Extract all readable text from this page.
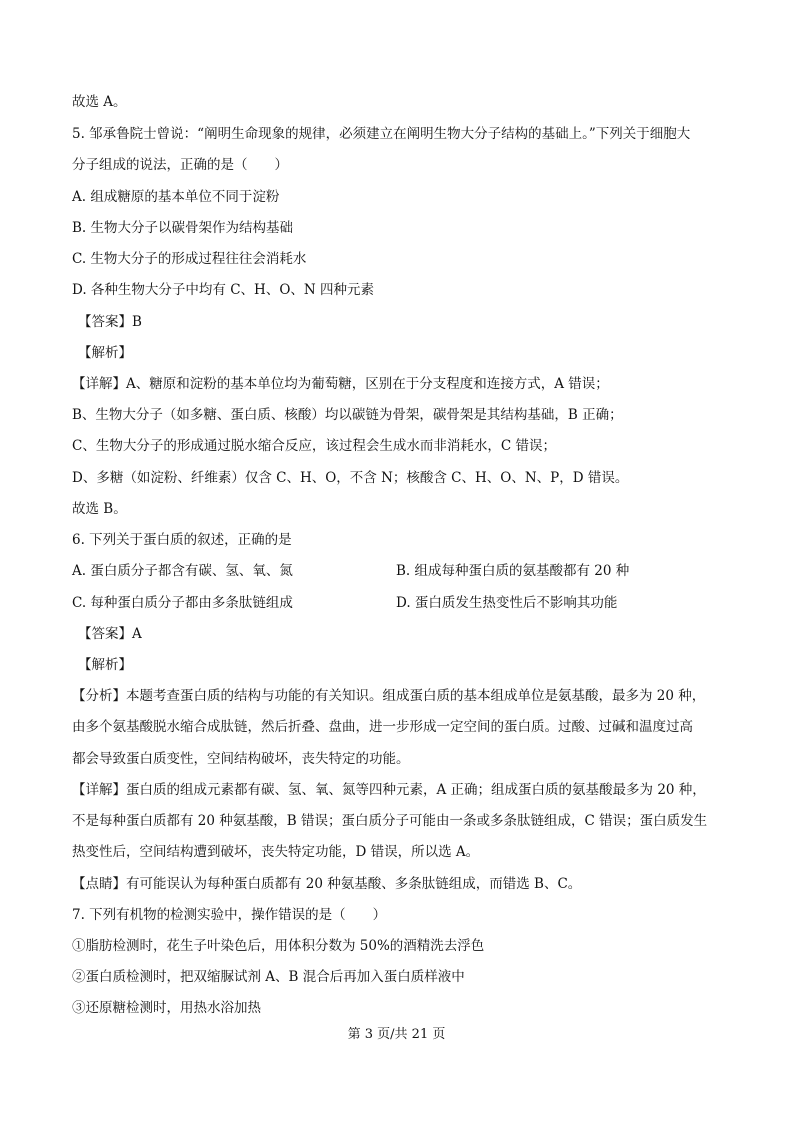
故选 A。
5. 邹承鲁院士曾说：“阐明生命现象的规律，必须建立在阐明生物大分子结构的基础上。”下列关于细胞大
分子组成的说法，正确的是（　　）
A. 组成糖原的基本单位不同于淀粉
B. 生物大分子以碳骨架作为结构基础
C. 生物大分子的形成过程往往会消耗水
D. 各种生物大分子中均有 C、H、O、N 四种元素
【答案】B
【解析】
【详解】A、糖原和淀粉的基本单位均为葡萄糖，区别在于分支程度和连接方式，A 错误；
B、生物大分子（如多糖、蛋白质、核酸）均以碳链为骨架，碳骨架是其结构基础，B 正确；
C、生物大分子的形成通过脱水缩合反应，该过程会生成水而非消耗水，C 错误；
D、多糖（如淀粉、纤维素）仅含 C、H、O，不含 N；核酸含 C、H、O、N、P，D 错误。
故选 B。
6. 下列关于蛋白质的叙述，正确的是
A. 蛋白质分子都含有碳、氢、氧、氮	B. 组成每种蛋白质的氨基酸都有 20 种
C. 每种蛋白质分子都由多条肽链组成	D. 蛋白质发生热变性后不影响其功能
【答案】A
【解析】
【分析】本题考查蛋白质的结构与功能的有关知识。组成蛋白质的基本组成单位是氨基酸，最多为 20 种，
由多个氨基酸脱水缩合成肽链，然后折叠、盘曲，进一步形成一定空间的蛋白质。过酸、过碱和温度过高
都会导致蛋白质变性，空间结构破坏，丧失特定的功能。
【详解】蛋白质的组成元素都有碳、氢、氧、氮等四种元素，A 正确；组成蛋白质的氨基酸最多为 20 种，
不是每种蛋白质都有 20 种氨基酸，B 错误；蛋白质分子可能由一条或多条肽链组成，C 错误；蛋白质发生
热变性后，空间结构遭到破坏，丧失特定功能，D 错误，所以选 A。
【点睛】有可能误认为每种蛋白质都有 20 种氨基酸、多条肽链组成，而错选 B、C。
7. 下列有机物的检测实验中，操作错误的是（　　）
①脂肪检测时，花生子叶染色后，用体积分数为 50%的酒精洗去浮色
②蛋白质检测时，把双缩脲试剂 A、B 混合后再加入蛋白质样液中
③还原糖检测时，用热水浴加热
第 3 页/共 21 页
